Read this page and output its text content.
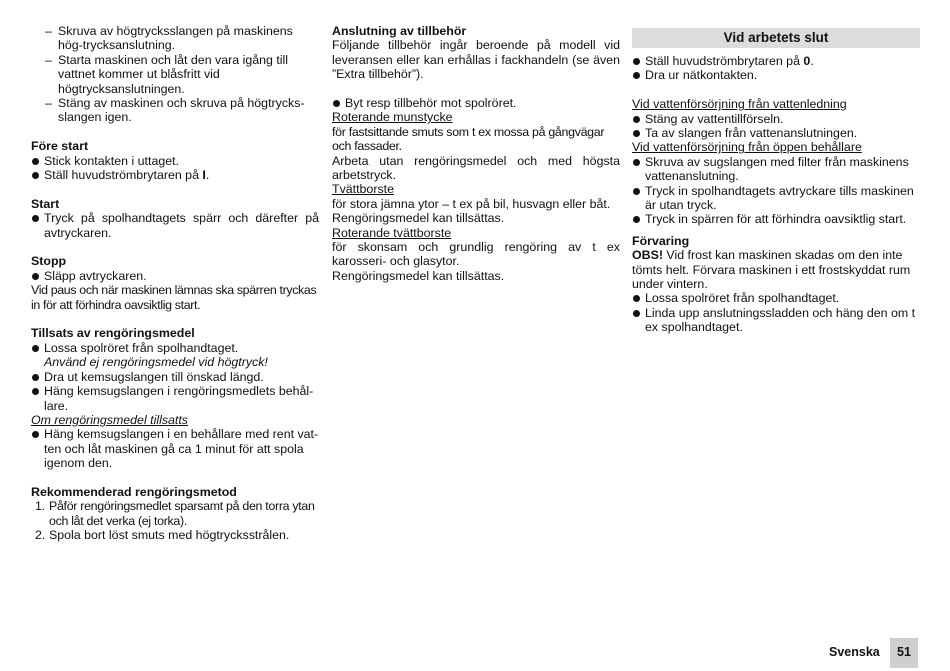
– Skruva av högtrycksslangen på maskinens hög-trycksanslutning.

– Starta maskinen och låt den vara igång till vattnet kommer ut blåsfritt vid högtrycksanslutningen.

– Stäng av maskinen och skruva på högtrycks-slangen igen.

Före start

Stick kontakten i uttaget.

Ställ huvudströmbrytaren på I.

Start

Tryck på spolhandtagets spärr och därefter på avtryckaren.

Stopp

Släpp avtryckaren.

Vid paus och när maskinen lämnas ska spärren tryckas in för att förhindra oavsiktlig start.

Tillsats av rengöringsmedel

Lossa spolröret från spolhandtaget.

Använd ej rengöringsmedel vid högtryck!

Dra ut kemsugslangen till önskad längd.

Häng kemsugslangen i rengöringsmedlets behål-lare.

Om rengöringsmedel tillsatts

Häng kemsugslangen i en behållare med rent vat-ten och låt maskinen gå ca 1 minut för att spola igenom den.

Rekommenderad rengöringsmetod

1. Påför rengöringsmedlet sparsamt på den torra ytan och låt det verka (ej torka).

2. Spola bort löst smuts med högtrycksstrålen.

Anslutning av tillbehör

Följande tillbehör ingår beroende på modell vid leveransen eller kan erhållas i fackhandeln (se även ”Extra tillbehör”).

Byt resp tillbehör mot spolröret.

Roterande munstycke

för fastsittande smuts som t ex mossa på gångvägar och fassader.

Arbeta utan rengöringsmedel och med högsta arbetstryck.

Tvättborste

för stora jämna ytor – t ex på bil, husvagn eller båt.

Rengöringsmedel kan tillsättas.

Roterande tvättborste

för skonsam och grundlig rengöring av t ex karosseri- och glasytor.

Rengöringsmedel kan tillsättas.

Vid arbetets slut

Ställ huvudströmbrytaren på 0.

Dra ur nätkontakten.

Vid vattenförsörjning från vattenledning

Stäng av vattentillförseln.

Ta av slangen från vattenanslutningen.

Vid vattenförsörjning från öppen behållare

Skruva av sugslangen med filter från maskinens vattenanslutning.

Tryck in spolhandtagets avtryckare tills maskinen är utan tryck.

Tryck in spärren för att förhindra oavsiktlig start.

Förvaring

OBS! Vid frost kan maskinen skadas om den inte tömts helt. Förvara maskinen i ett frostskyddat rum under vintern.

Lossa spolröret från spolhandtaget.

Linda upp anslutningssladden och häng den om t ex spolhandtaget.

Svenska	51
